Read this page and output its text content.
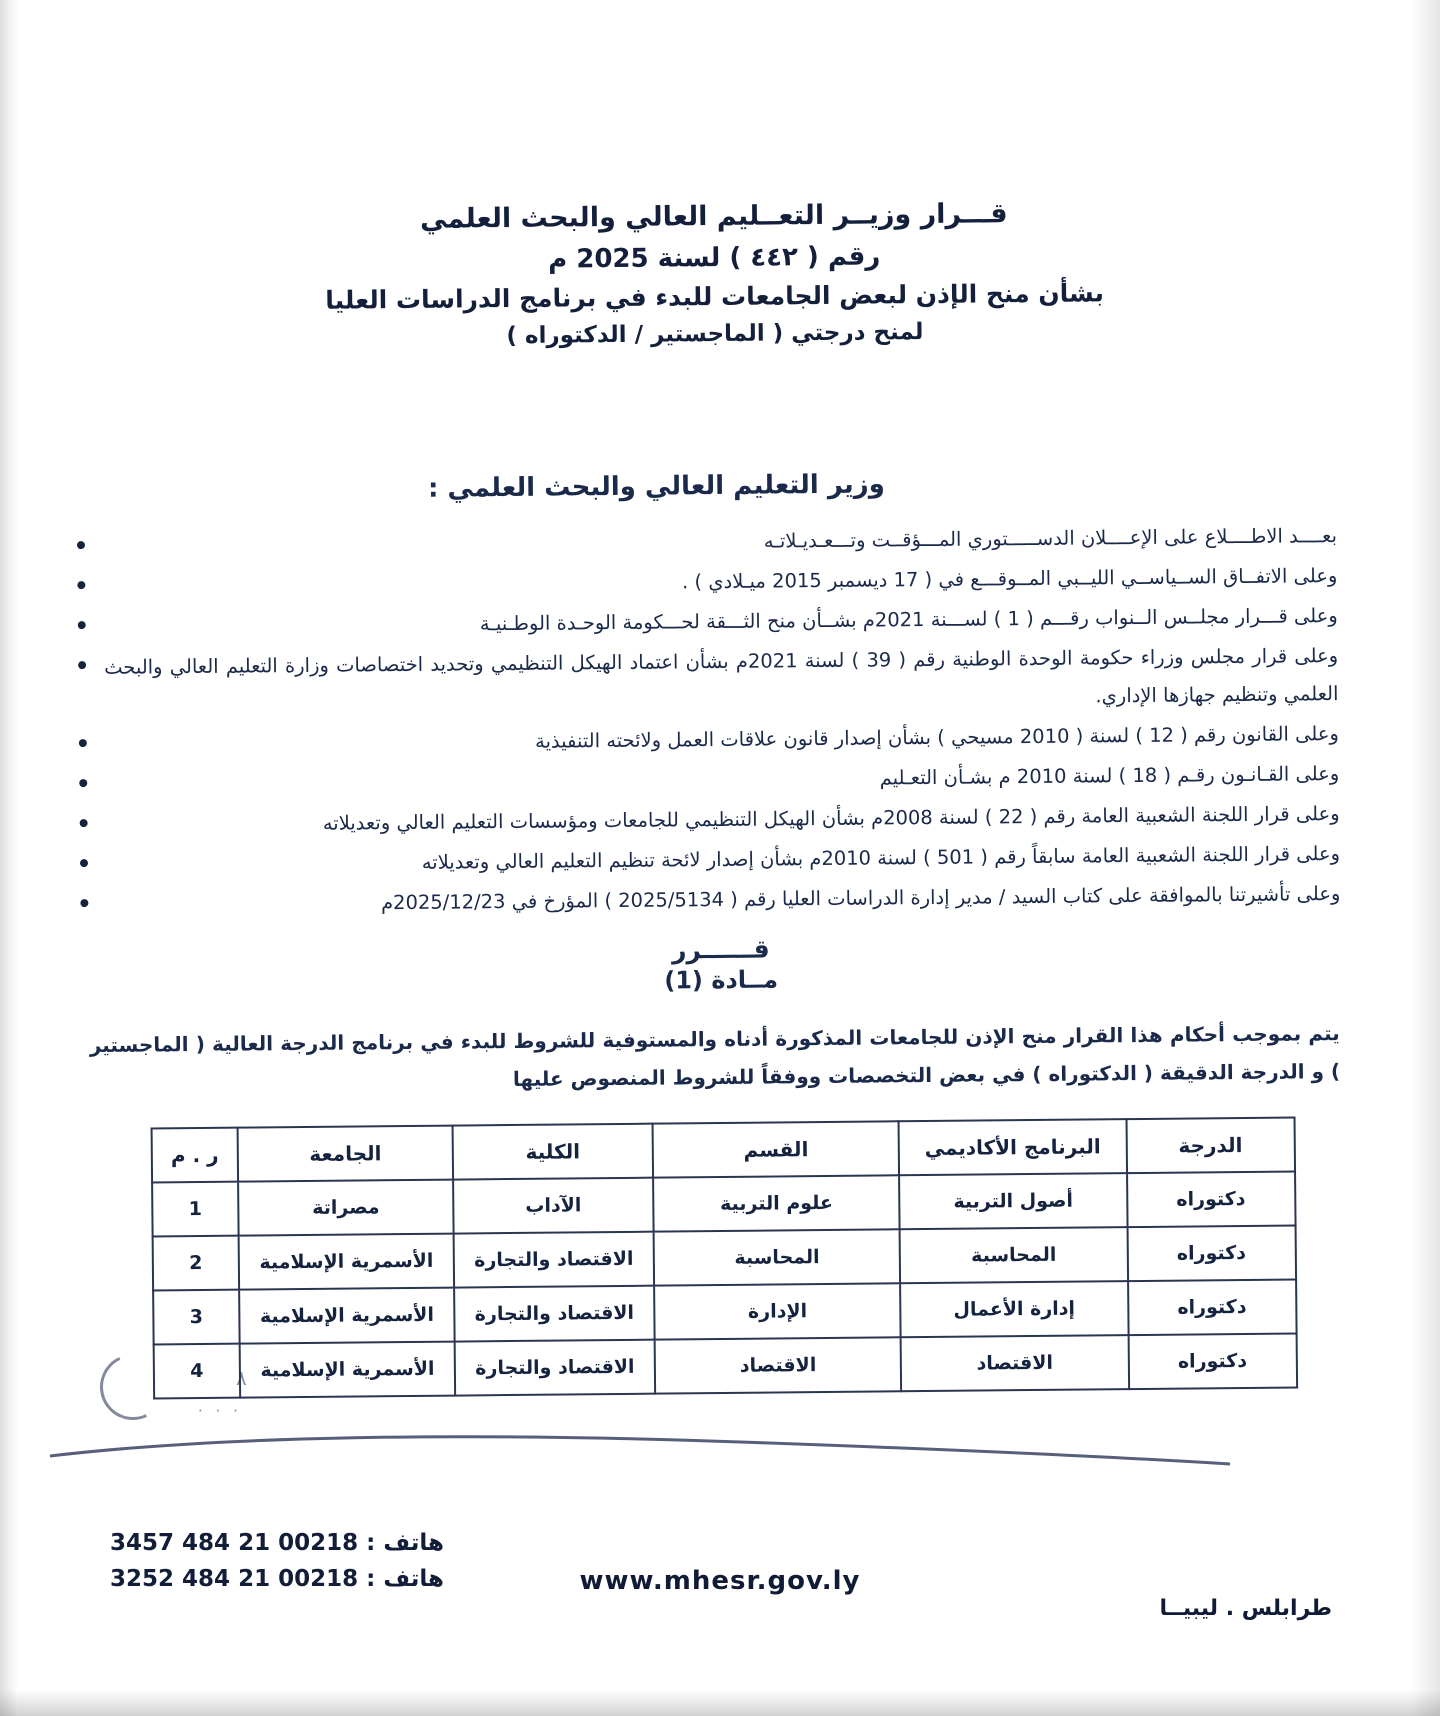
قـــرار وزيــر التعــليم العالي والبحث العلمي
رقم ( ٤٤٢ ) لسنة 2025 م
بشأن منح الإذن لبعض الجامعات للبدء في برنامج الدراسات العليا
لمنح درجتي ( الماجستير / الدكتوراه )
وزير التعليم العالي والبحث العلمي :
بعــــد الاطــــلاع على الإعــــلان الدســـــتوري المـــؤقــت وتـــعـديـلاتـه
وعلى الاتفــاق الســياســي الليــبي المــوقـــع في ( 17 ديسمبر 2015 ميـلادي ) .
وعلى قـــرار مجلــس الــنواب رقـــم ( 1 ) لســـنة 2021م بشــأن منح الثـــقة لحـــكومة الوحـدة الوطـنيـة
وعلى قرار مجلس وزراء حكومة الوحدة الوطنية رقم ( 39 ) لسنة 2021م بشأن اعتماد الهيكل التنظيمي وتحديد اختصاصات وزارة التعليم العالي والبحث العلمي وتنظيم جهازها الإداري.
وعلى القانون رقم ( 12 ) لسنة ( 2010 مسيحي ) بشأن إصدار قانون علاقات العمل ولائحته التنفيذية
وعلى القـانـون رقـم ( 18 ) لسنة 2010 م بشـأن التعـليم
وعلى قرار اللجنة الشعبية العامة رقم ( 22 ) لسنة 2008م بشأن الهيكل التنظيمي للجامعات ومؤسسات التعليم العالي وتعديلاته
وعلى قرار اللجنة الشعبية العامة سابقاً رقم ( 501 ) لسنة 2010م بشأن إصدار لائحة تنظيم التعليم العالي وتعديلاته
وعلى تأشيرتنا بالموافقة على كتاب السيد / مدير إدارة الدراسات العليا رقم ( 2025/5134 ) المؤرخ في 2025/12/23م
قــــــرر
مــادة (1)
يتم بموجب أحكام هذا القرار منح الإذن للجامعات المذكورة أدناه والمستوفية للشروط للبدء في برنامج الدرجة العالية ( الماجستير ) و الدرجة الدقيقة ( الدكتوراه ) في بعض التخصصات ووفقاً للشروط المنصوص عليها
الدرجة	البرنامج الأكاديمي	القسم	الكلية	الجامعة	ر . م
دكتوراه	أصول التربية	علوم التربية	الآداب	مصراتة	1
دكتوراه	المحاسبة	المحاسبة	الاقتصاد والتجارة	الأسمرية الإسلامية	2
دكتوراه	إدارة الأعمال	الإدارة	الاقتصاد والتجارة	الأسمرية الإسلامية	3
دكتوراه	الاقتصاد	الاقتصاد	الاقتصاد والتجارة	الأسمرية الإسلامية	4 ٨
· · ·
هاتف : 00218 21 484 3457
هاتف : 00218 21 484 3252	www.mhesr.gov.ly
طرابلس . ليبيــا
